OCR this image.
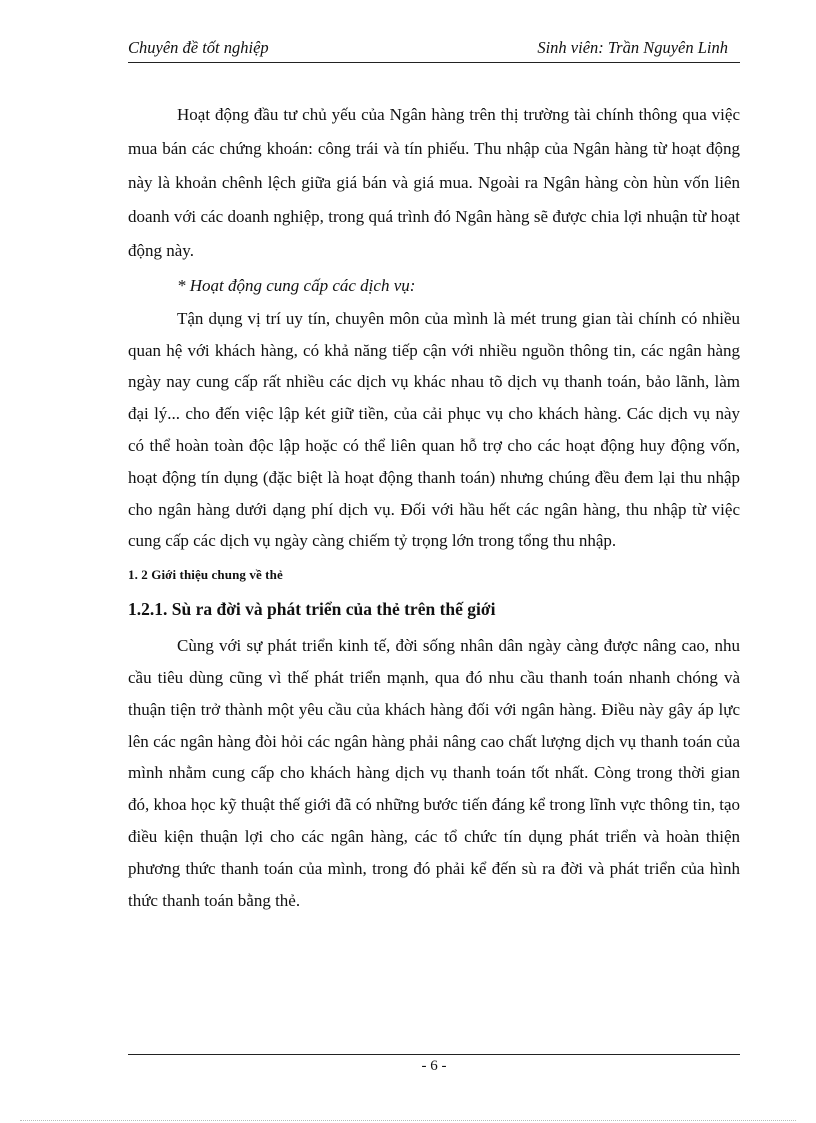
Chuyên đề tốt nghiệp	Sinh viên: Trần Nguyên Linh

Hoạt động đầu tư chủ yếu của Ngân hàng trên thị trường tài chính thông qua việc mua bán các chứng khoán: công trái và tín phiếu. Thu nhập của Ngân hàng từ hoạt động này là khoản chênh lệch giữa giá bán và giá mua. Ngoài ra Ngân hàng còn hùn vốn liên doanh với các doanh nghiệp, trong quá trình đó Ngân hàng sẽ được chia lợi nhuận từ hoạt động này.

* Hoạt động cung cấp các dịch vụ:

Tận dụng vị trí uy tín, chuyên môn của mình là mét trung gian tài chính có nhiều quan hệ với khách hàng, có khả năng tiếp cận với nhiều nguồn thông tin, các ngân hàng ngày nay cung cấp rất nhiều các dịch vụ khác nhau tõ dịch vụ thanh toán, bảo lãnh, làm đại lý... cho đến việc lập két giữ tiền, của cải phục vụ cho khách hàng. Các dịch vụ này có thể hoàn toàn độc lập hoặc có thể liên quan hỗ trợ cho các hoạt động huy động vốn, hoạt động tín dụng (đặc biệt là hoạt động thanh toán) nhưng chúng đều đem lại thu nhập cho ngân hàng dưới dạng phí dịch vụ. Đối với hầu hết các ngân hàng, thu nhập từ việc cung cấp các dịch vụ ngày càng chiếm tỷ trọng lớn trong tổng thu nhập.

1. 2 Giới thiệu chung về thẻ
1.2.1. Sù ra đời và phát triển của thẻ trên thế giới

Cùng với sự phát triển kinh tế, đời sống nhân dân ngày càng được nâng cao, nhu cầu tiêu dùng cũng vì thế phát triển mạnh, qua đó nhu cầu thanh toán nhanh chóng và thuận tiện trở thành một yêu cầu của khách hàng đối với ngân hàng. Điều này gây áp lực lên các ngân hàng đòi hỏi các ngân hàng phải nâng cao chất lượng dịch vụ thanh toán của mình nhằm cung cấp cho khách hàng dịch vụ thanh toán tốt nhất. Còng trong thời gian đó, khoa học kỹ thuật thế giới đã có những bước tiến đáng kể trong lĩnh vực thông tin, tạo điều kiện thuận lợi cho các ngân hàng, các tổ chức tín dụng phát triển và hoàn thiện phương thức thanh toán của mình, trong đó phải kể đến sù ra đời và phát triển của hình thức thanh toán bằng thẻ.

- 6 -
